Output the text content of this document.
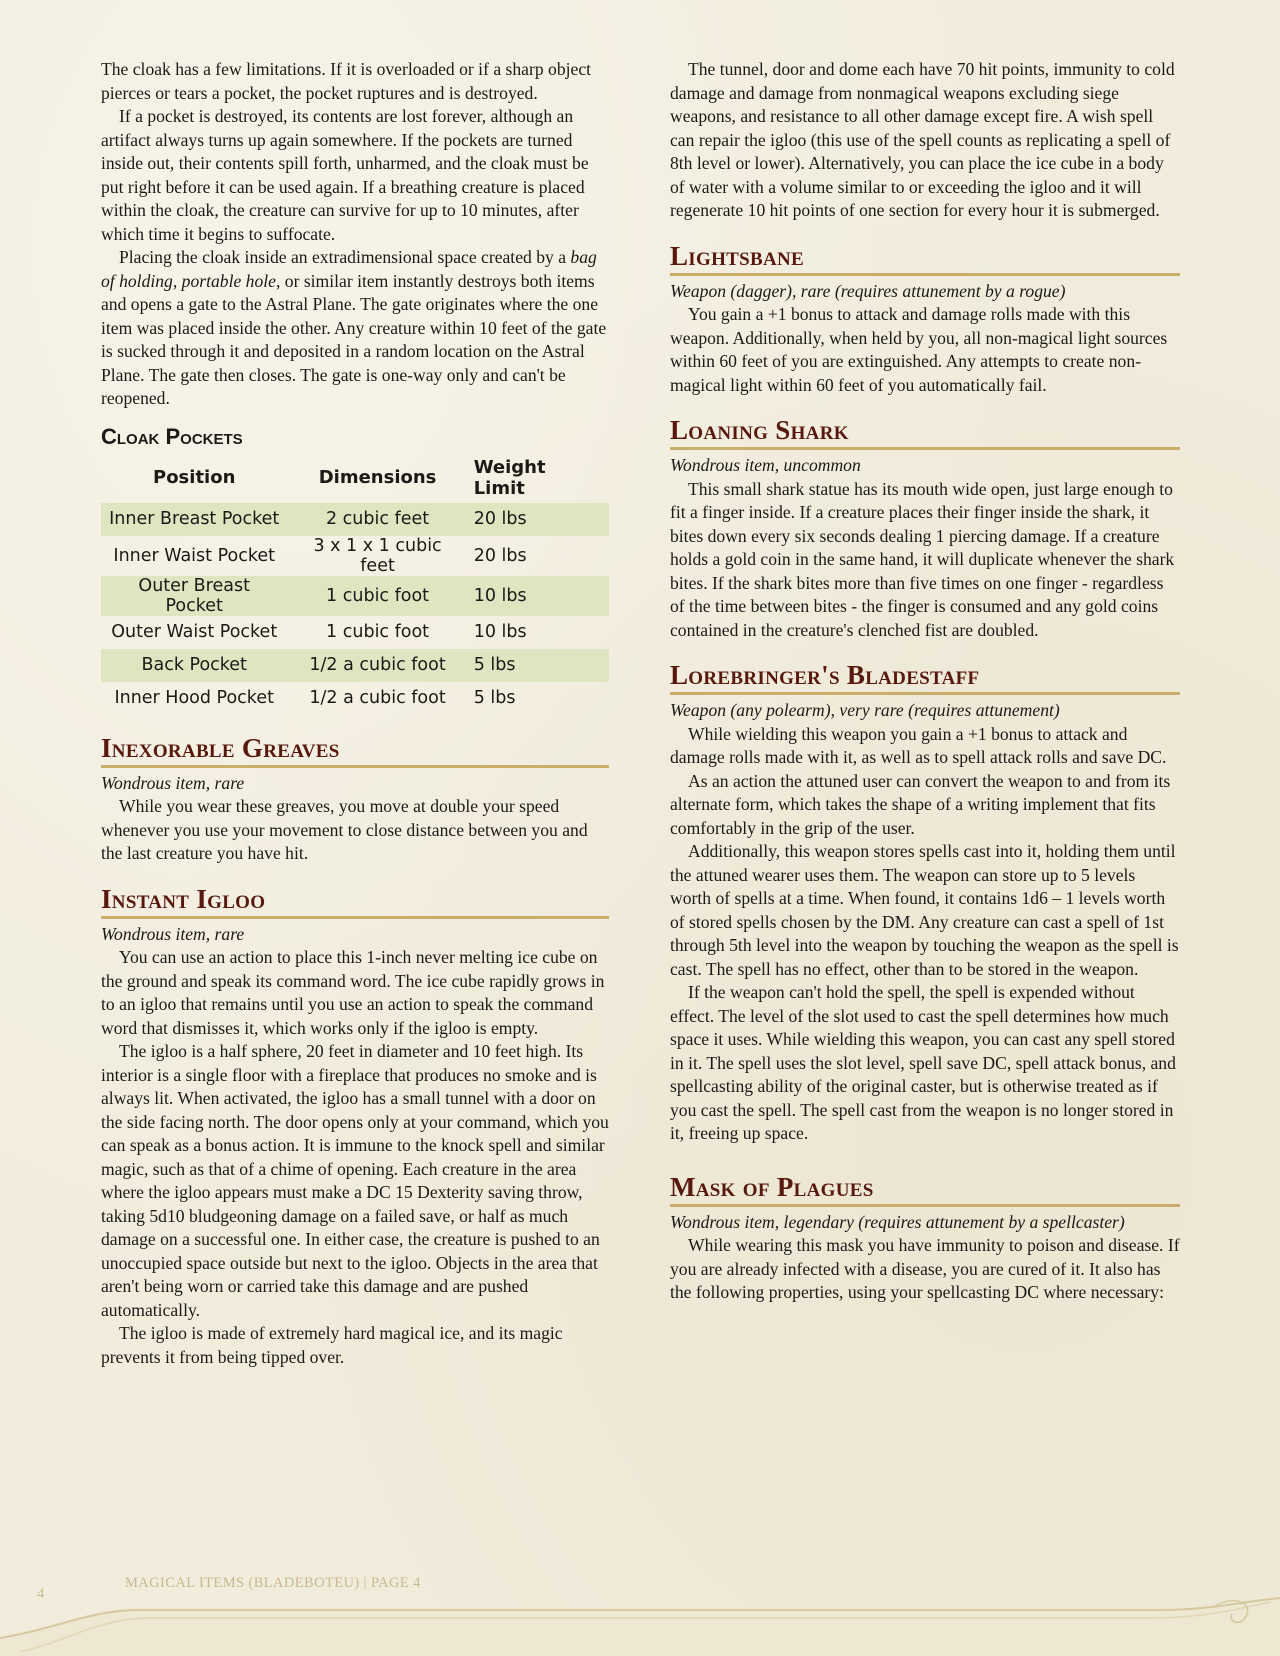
The cloak has a few limitations. If it is overloaded or if a sharp object pierces or tears a pocket, the pocket ruptures and is destroyed.

If a pocket is destroyed, its contents are lost forever, although an artifact always turns up again somewhere. If the pockets are turned inside out, their contents spill forth, unharmed, and the cloak must be put right before it can be used again. If a breathing creature is placed within the cloak, the creature can survive for up to 10 minutes, after which time it begins to suffocate.

Placing the cloak inside an extradimensional space created by a bag of holding, portable hole, or similar item instantly destroys both items and opens a gate to the Astral Plane. The gate originates where the one item was placed inside the other. Any creature within 10 feet of the gate is sucked through it and deposited in a random location on the Astral Plane. The gate then closes. The gate is one-way only and can't be reopened.

Cloak Pockets
Position	Dimensions	Weight Limit
Inner Breast Pocket	2 cubic feet	20 lbs
Inner Waist Pocket	3 x 1 x 1 cubic feet	20 lbs
Outer Breast Pocket	1 cubic foot	10 lbs
Outer Waist Pocket	1 cubic foot	10 lbs
Back Pocket	1/2 a cubic foot	5 lbs
Inner Hood Pocket	1/2 a cubic foot	5 lbs
Inexorable Greaves

Wondrous item, rare

While you wear these greaves, you move at double your speed whenever you use your movement to close distance between you and the last creature you have hit.

Instant Igloo

Wondrous item, rare

You can use an action to place this 1-inch never melting ice cube on the ground and speak its command word. The ice cube rapidly grows in to an igloo that remains until you use an action to speak the command word that dismisses it, which works only if the igloo is empty.

The igloo is a half sphere, 20 feet in diameter and 10 feet high. Its interior is a single floor with a fireplace that produces no smoke and is always lit. When activated, the igloo has a small tunnel with a door on the side facing north. The door opens only at your command, which you can speak as a bonus action. It is immune to the knock spell and similar magic, such as that of a chime of opening. Each creature in the area where the igloo appears must make a DC 15 Dexterity saving throw, taking 5d10 bludgeoning damage on a failed save, or half as much damage on a successful one. In either case, the creature is pushed to an unoccupied space outside but next to the igloo. Objects in the area that aren't being worn or carried take this damage and are pushed automatically.

The igloo is made of extremely hard magical ice, and its magic prevents it from being tipped over.

The tunnel, door and dome each have 70 hit points, immunity to cold damage and damage from nonmagical weapons excluding siege weapons, and resistance to all other damage except fire. A wish spell can repair the igloo (this use of the spell counts as replicating a spell of 8th level or lower). Alternatively, you can place the ice cube in a body of water with a volume similar to or exceeding the igloo and it will regenerate 10 hit points of one section for every hour it is submerged.

Lightsbane

Weapon (dagger), rare (requires attunement by a rogue)

You gain a +1 bonus to attack and damage rolls made with this weapon. Additionally, when held by you, all non-magical light sources within 60 feet of you are extinguished. Any attempts to create non-magical light within 60 feet of you automatically fail.

Loaning Shark

Wondrous item, uncommon

This small shark statue has its mouth wide open, just large enough to fit a finger inside. If a creature places their finger inside the shark, it bites down every six seconds dealing 1 piercing damage. If a creature holds a gold coin in the same hand, it will duplicate whenever the shark bites. If the shark bites more than five times on one finger - regardless of the time between bites - the finger is consumed and any gold coins contained in the creature's clenched fist are doubled.

Lorebringer's Bladestaff

Weapon (any polearm), very rare (requires attunement)

While wielding this weapon you gain a +1 bonus to attack and damage rolls made with it, as well as to spell attack rolls and save DC.

As an action the attuned user can convert the weapon to and from its alternate form, which takes the shape of a writing implement that fits comfortably in the grip of the user.

Additionally, this weapon stores spells cast into it, holding them until the attuned wearer uses them. The weapon can store up to 5 levels worth of spells at a time. When found, it contains 1d6 – 1 levels worth of stored spells chosen by the DM. Any creature can cast a spell of 1st through 5th level into the weapon by touching the weapon as the spell is cast. The spell has no effect, other than to be stored in the weapon.

If the weapon can't hold the spell, the spell is expended without effect. The level of the slot used to cast the spell determines how much space it uses. While wielding this weapon, you can cast any spell stored in it. The spell uses the slot level, spell save DC, spell attack bonus, and spellcasting ability of the original caster, but is otherwise treated as if you cast the spell. The spell cast from the weapon is no longer stored in it, freeing up space.

Mask of Plagues

Wondrous item, legendary (requires attunement by a spellcaster)

While wearing this mask you have immunity to poison and disease. If you are already infected with a disease, you are cured of it. It also has the following properties, using your spellcasting DC where necessary:

4
MAGICAL ITEMS (BLADEBOTEU) | PAGE 4
